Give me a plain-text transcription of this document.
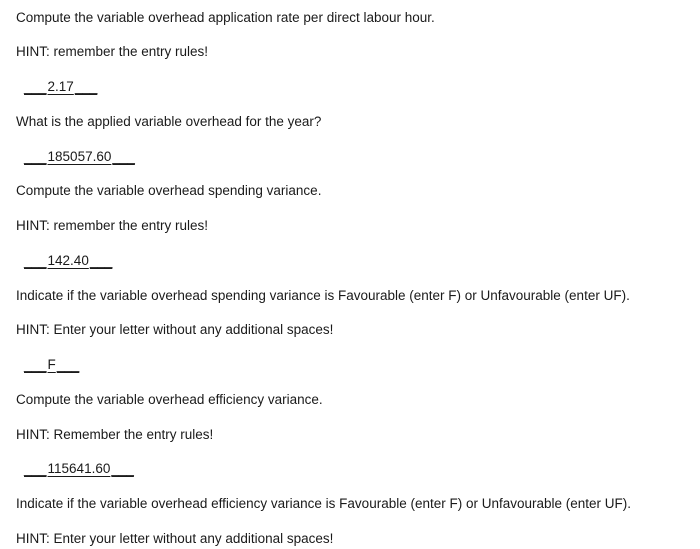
Compute the variable overhead application rate per direct labour hour.
HINT: remember the entry rules!
___ 2.17 ___
What is the applied variable overhead for the year?
___ 185057.60 ___
Compute the variable overhead spending variance.
HINT: remember the entry rules!
___ 142.40 ___
Indicate if the variable overhead spending variance is Favourable (enter F) or Unfavourable (enter UF).
HINT: Enter your letter without any additional spaces!
___ F ___
Compute the variable overhead efficiency variance.
HINT: Remember the entry rules!
___ 115641.60 ___
Indicate if the variable overhead efficiency variance is Favourable (enter F) or Unfavourable (enter UF).
HINT: Enter your letter without any additional spaces!
